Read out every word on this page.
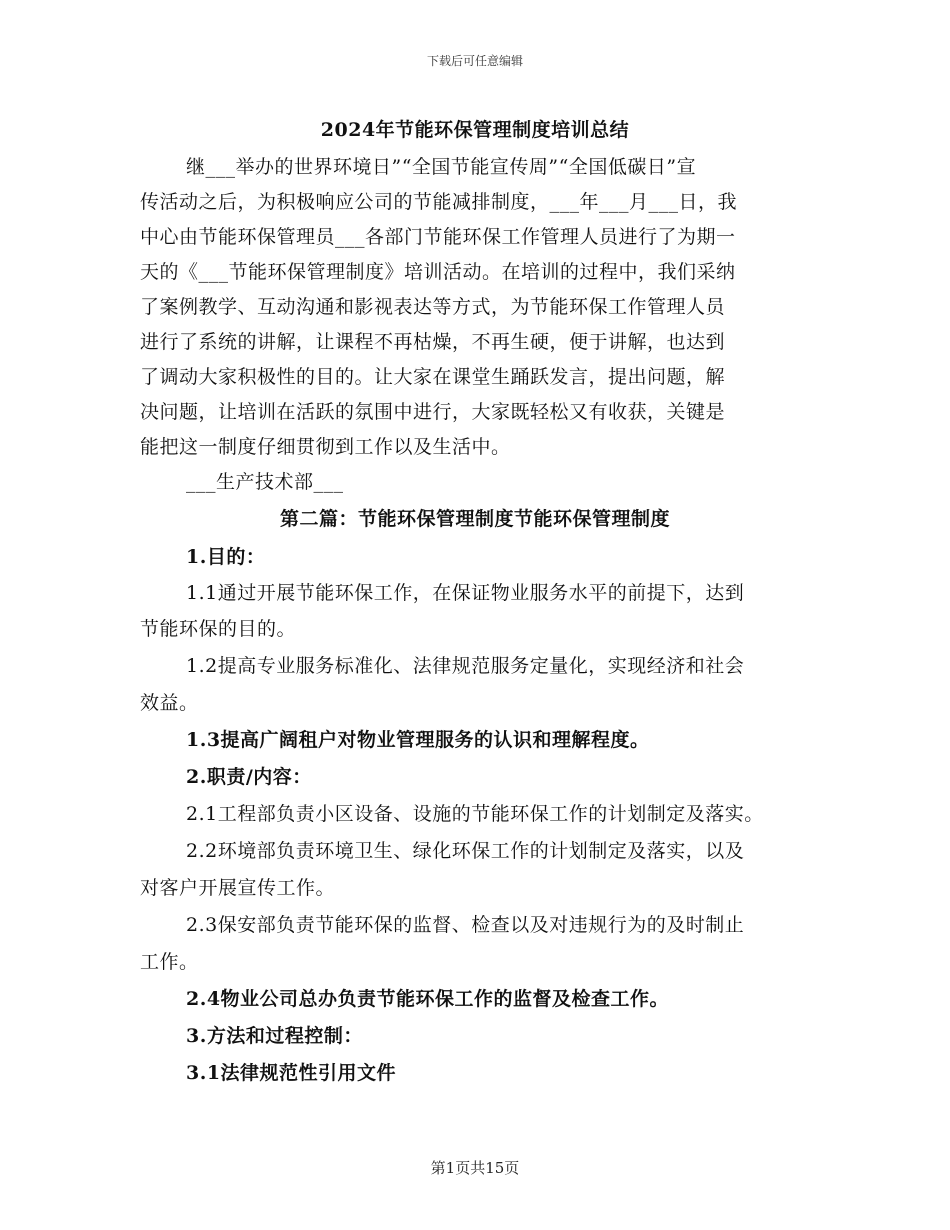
下载后可任意编辑
2024年节能环保管理制度培训总结
继___举办的世界环境日”“全国节能宣传周”“全国低碳日”宣
传活动之后，为积极响应公司的节能减排制度，___年___月___日，我
中心由节能环保管理员___各部门节能环保工作管理人员进行了为期一
天的《___节能环保管理制度》培训活动。在培训的过程中，我们采纳
了案例教学、互动沟通和影视表达等方式，为节能环保工作管理人员
进行了系统的讲解，让课程不再枯燥，不再生硬，便于讲解，也达到
了调动大家积极性的目的。让大家在课堂生踊跃发言，提出问题，解
决问题，让培训在活跃的氛围中进行，大家既轻松又有收获，关键是
能把这一制度仔细贯彻到工作以及生活中。
___生产技术部___
第二篇：节能环保管理制度节能环保管理制度
1.目的：
1.1通过开展节能环保工作，在保证物业服务水平的前提下，达到
节能环保的目的。
1.2提高专业服务标准化、法律规范服务定量化，实现经济和社会
效益。
1.3提高广阔租户对物业管理服务的认识和理解程度。
2.职责/内容：
2.1工程部负责小区设备、设施的节能环保工作的计划制定及落实。
2.2环境部负责环境卫生、绿化环保工作的计划制定及落实，以及
对客户开展宣传工作。
2.3保安部负责节能环保的监督、检查以及对违规行为的及时制止
工作。
2.4物业公司总办负责节能环保工作的监督及检查工作。
3.方法和过程控制：
3.1法律规范性引用文件
第1页共15页
